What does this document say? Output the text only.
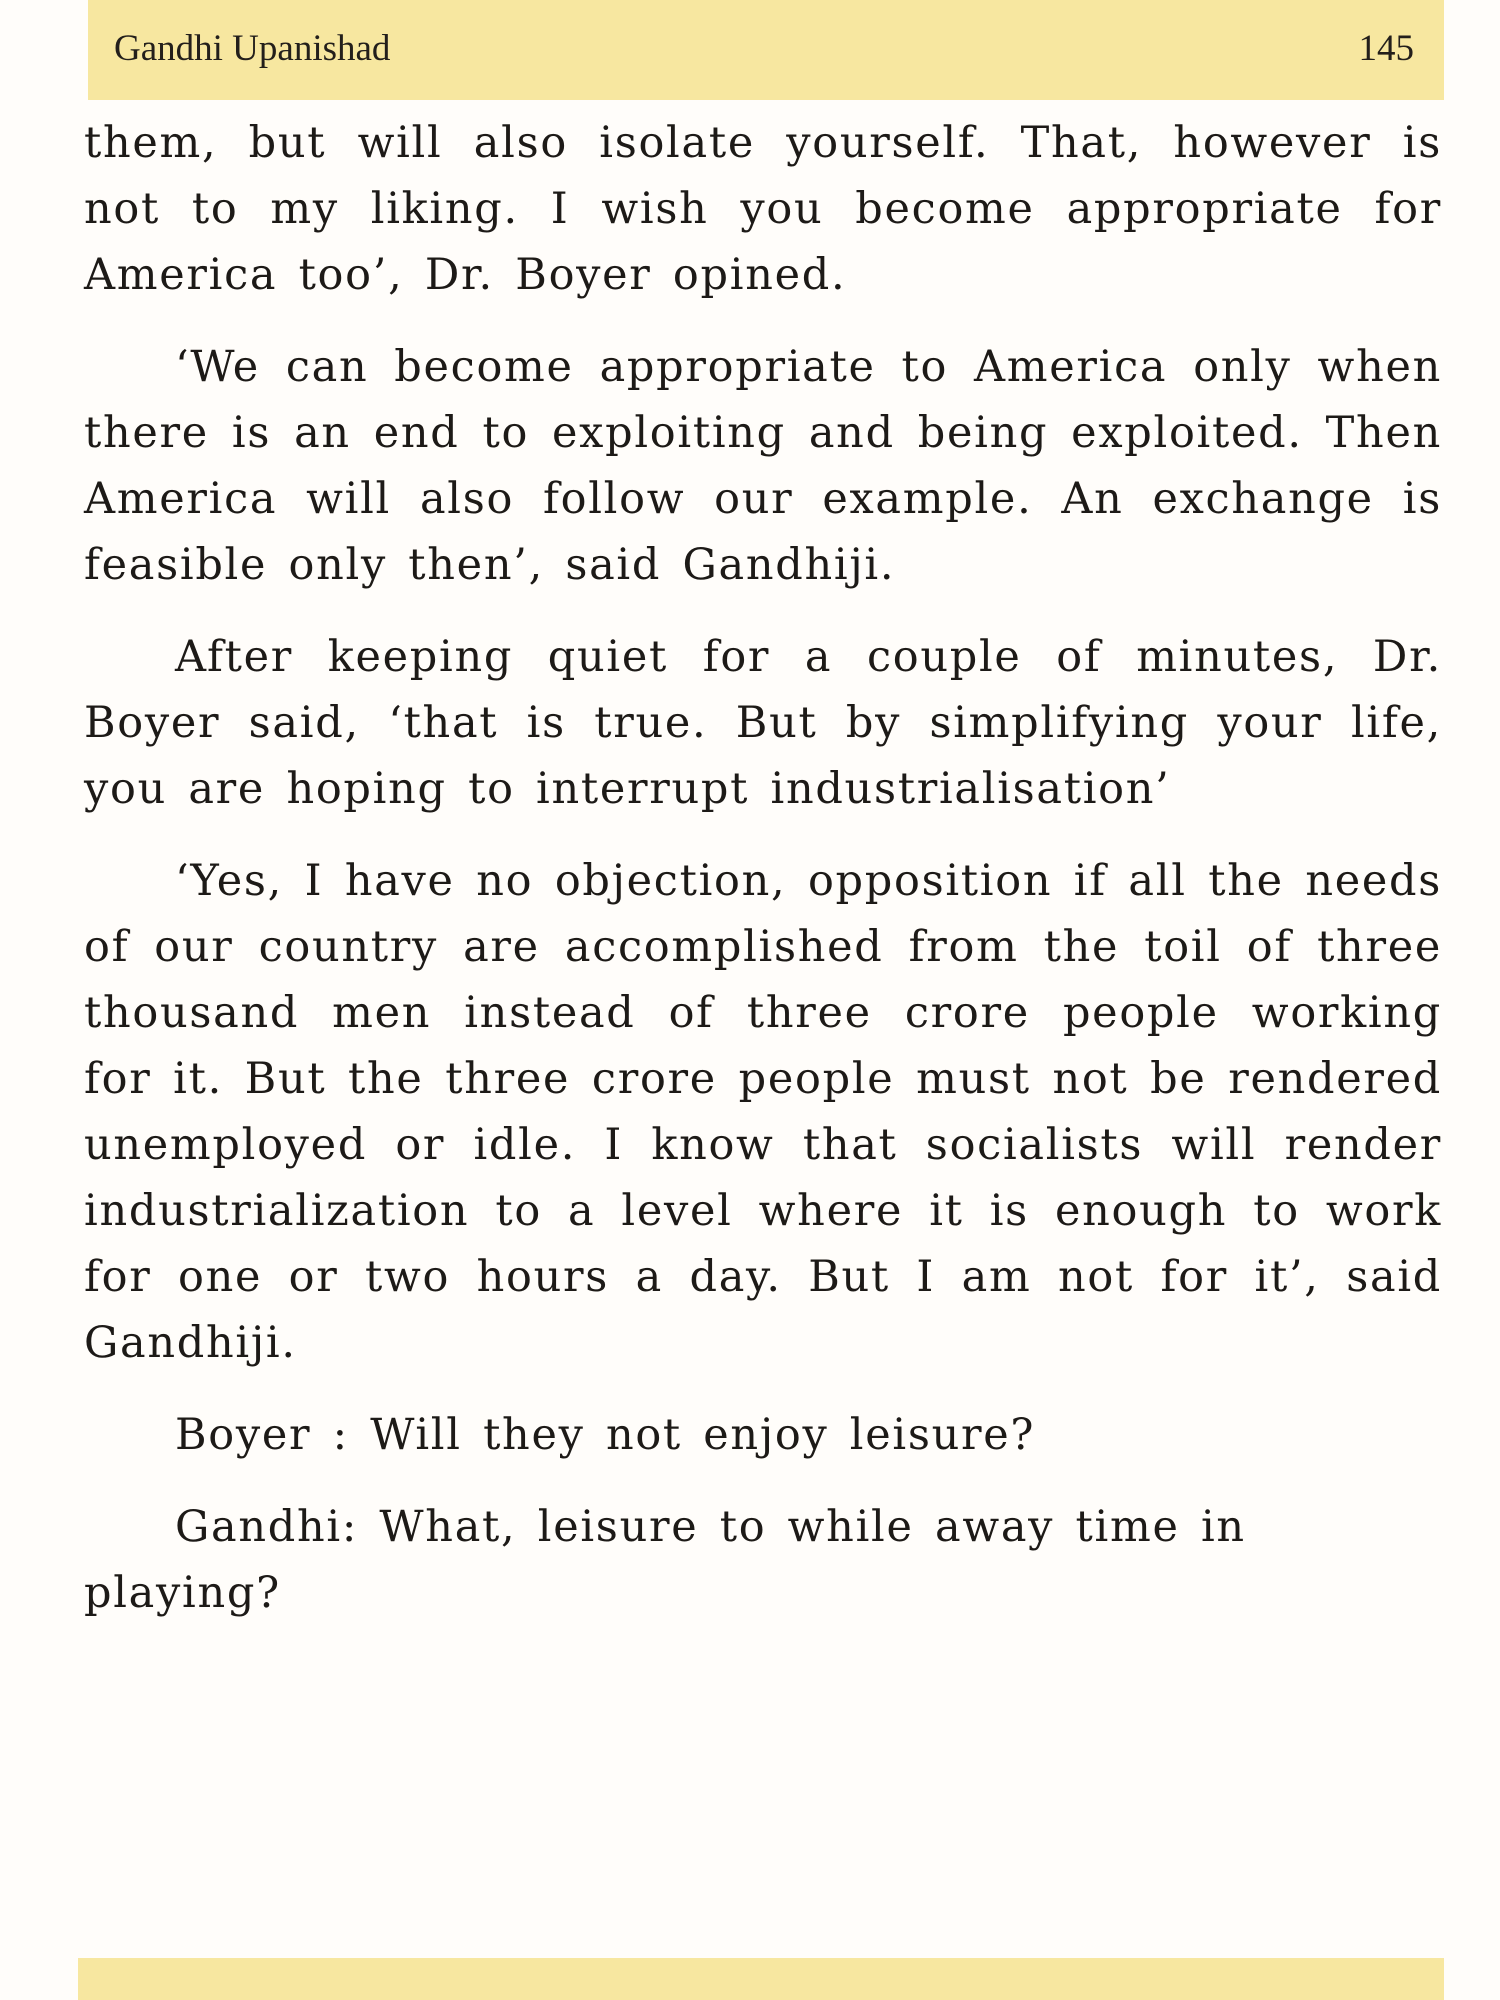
Gandhi Upanishad	145

them, but will also isolate yourself. That, however is not to my liking. I wish you become appropriate for America too’, Dr. Boyer opined.

‘We can become appropriate to America only when there is an end to exploiting and being exploited. Then America will also follow our example. An exchange is feasible only then’, said Gandhiji.

After keeping quiet for a couple of minutes, Dr. Boyer said, ‘that is true. But by simplifying your life, you are hoping to interrupt industrialisation’

‘Yes, I have no objection, opposition if all the needs of our country are accomplished from the toil of three thousand men instead of three crore people working for it. But the three crore people must not be rendered unemployed or idle. I know that socialists will render industrialization to a level where it is enough to work for one or two hours a day. But I am not for it’, said Gandhiji.

Boyer : Will they not enjoy leisure?

Gandhi: What, leisure to while away time in playing?
